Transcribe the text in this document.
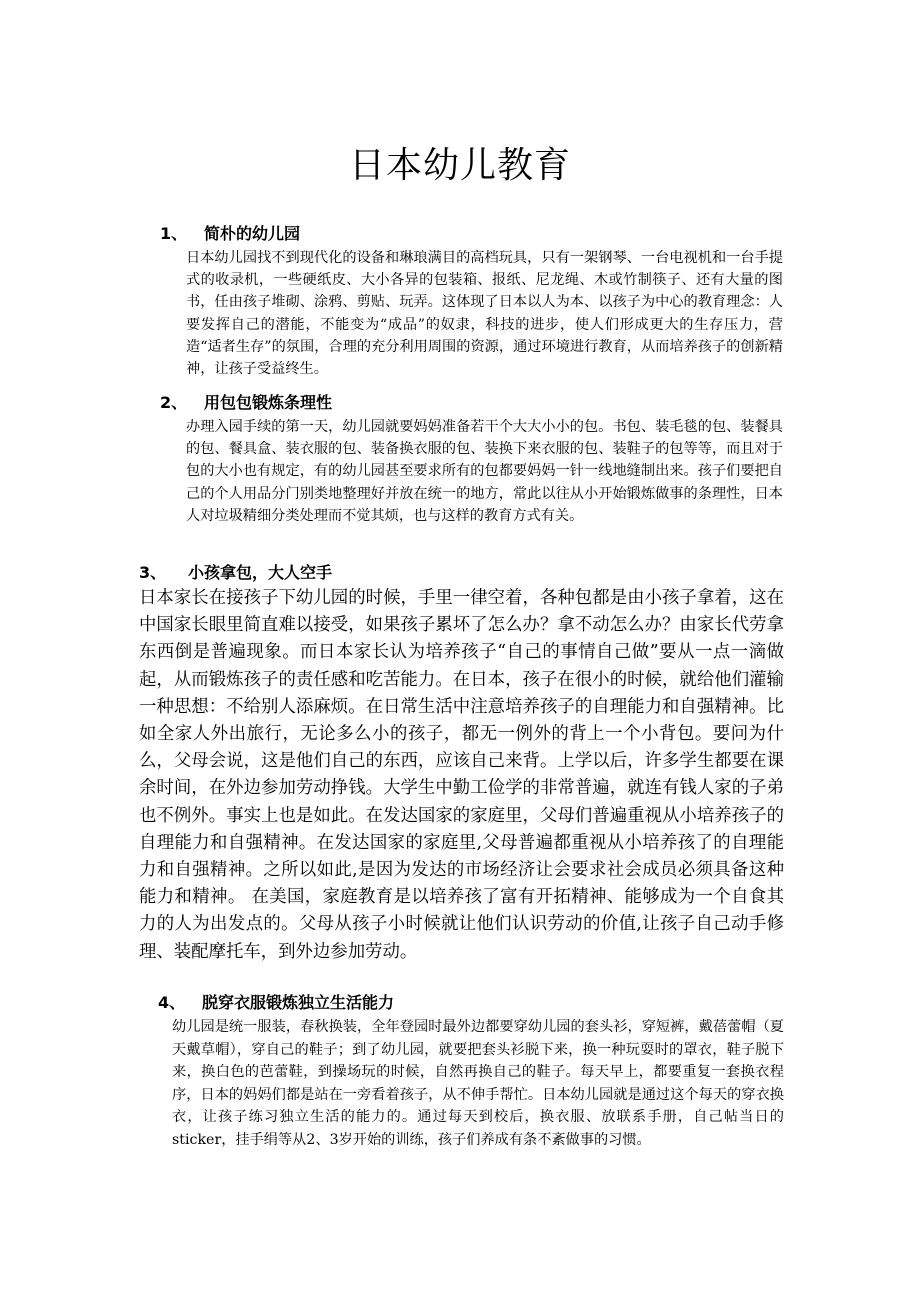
日本幼儿教育
1、 简朴的幼儿园

日本幼儿园找不到现代化的设备和琳琅满目的高档玩具，只有一架钢琴、一台电视机和一台手提式的收录机，一些硬纸皮、大小各异的包装箱、报纸、尼龙绳、木或竹制筷子、还有大量的图书，任由孩子堆砌、涂鸦、剪贴、玩弄。这体现了日本以人为本、以孩子为中心的教育理念：人要发挥自己的潜能，不能变为“成品”的奴隶，科技的进步，使人们形成更大的生存压力，营造“适者生存”的氛围，合理的充分利用周围的资源，通过环境进行教育，从而培养孩子的创新精神，让孩子受益终生。

2、 用包包锻炼条理性

办理入园手续的第一天，幼儿园就要妈妈准备若干个大大小小的包。书包、装毛毯的包、装餐具的包、餐具盒、装衣服的包、装备换衣服的包、装换下来衣服的包、装鞋子的包等等，而且对于包的大小也有规定，有的幼儿园甚至要求所有的包都要妈妈一针一线地缝制出来。孩子们要把自己的个人用品分门别类地整理好并放在统一的地方，常此以往从小开始锻炼做事的条理性，日本人对垃圾精细分类处理而不觉其烦，也与这样的教育方式有关。

3、 小孩拿包，大人空手

日本家长在接孩子下幼儿园的时候，手里一律空着，各种包都是由小孩子拿着，这在中国家长眼里简直难以接受，如果孩子累坏了怎么办？拿不动怎么办？由家长代劳拿东西倒是普遍现象。而日本家长认为培养孩子“自己的事情自己做”要从一点一滴做起，从而锻炼孩子的责任感和吃苦能力。在日本，孩子在很小的时候，就给他们灌输一种思想：不给别人添麻烦。在日常生活中注意培养孩子的自理能力和自强精神。比如全家人外出旅行，无论多么小的孩子，都无一例外的背上一个小背包。要问为什么，父母会说，这是他们自己的东西，应该自己来背。上学以后，许多学生都要在课余时间，在外边参加劳动挣钱。大学生中勤工俭学的非常普遍，就连有钱人家的子弟也不例外。事实上也是如此。在发达国家的家庭里，父母们普遍重视从小培养孩子的自理能力和自强精神。在发达国家的家庭里,父母普遍都重视从小培养孩了的自理能力和自强精神。之所以如此,是因为发达的市场经济让会要求社会成员必须具备这种能力和精神。 在美国，家庭教育是以培养孩了富有开拓精神、能够成为一个自食其力的人为出发点的。父母从孩子小时候就让他们认识劳动的价值,让孩子自己动手修理、装配摩托车，到外边参加劳动。

4、 脱穿衣服锻炼独立生活能力

幼儿园是统一服装，春秋换装，全年登园时最外边都要穿幼儿园的套头衫，穿短裤，戴蓓蕾帽（夏天戴草帽），穿自己的鞋子；到了幼儿园，就要把套头衫脱下来，换一种玩耍时的罩衣，鞋子脱下来，换白色的芭蕾鞋，到操场玩的时候，自然再换自己的鞋子。每天早上，都要重复一套换衣程序，日本的妈妈们都是站在一旁看着孩子，从不伸手帮忙。日本幼儿园就是通过这个每天的穿衣换衣，让孩子练习独立生活的能力的。通过每天到校后，换衣服、放联系手册，自己帖当日的sticker，挂手绢等从2、3岁开始的训练，孩子们养成有条不紊做事的习惯。
